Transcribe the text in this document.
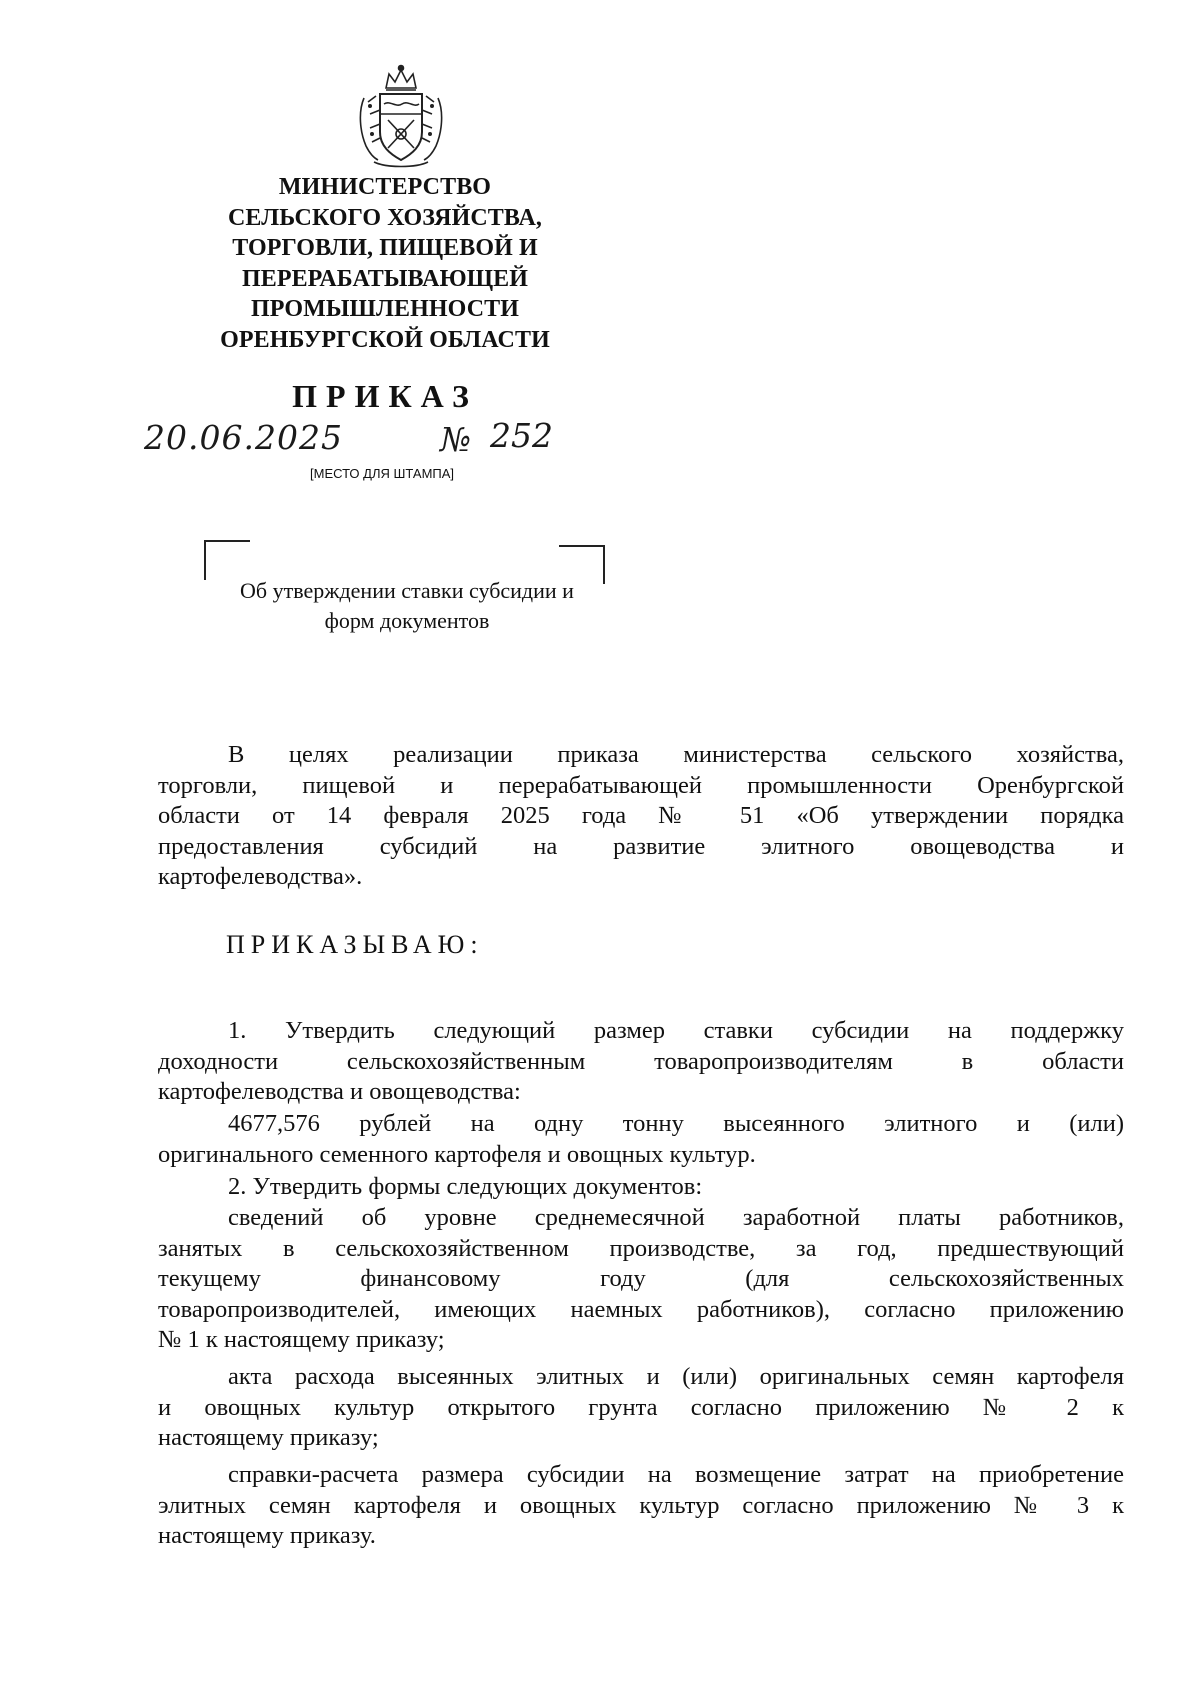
МИНИСТЕРСТВО
СЕЛЬСКОГО ХОЗЯЙСТВА,
ТОРГОВЛИ, ПИЩЕВОЙ И
ПЕРЕРАБАТЫВАЮЩЕЙ
ПРОМЫШЛЕННОСТИ
ОРЕНБУРГСКОЙ ОБЛАСТИ
ПРИКАЗ
20.06.2025	№ 252
[МЕСТО ДЛЯ ШТАМПА]
Об утверждении ставки субсидии и
форм документов
В целях реализации приказа министерства сельского хозяйства,
торговли, пищевой и перерабатывающей промышленности Оренбургской
области от 14 февраля 2025 года № 51 «Об утверждении порядка
предоставления субсидий на развитие элитного овощеводства и
картофелеводства».
ПРИКАЗЫВАЮ:
1. Утвердить следующий размер ставки субсидии на поддержку
доходности сельскохозяйственным товаропроизводителям в области
картофелеводства и овощеводства:
4677,576 рублей на одну тонну высеянного элитного и (или)
оригинального семенного картофеля и овощных культур.
2. Утвердить формы следующих документов:
сведений об уровне среднемесячной заработной платы работников,
занятых в сельскохозяйственном производстве, за год, предшествующий
текущему финансовому году (для сельскохозяйственных
товаропроизводителей, имеющих наемных работников), согласно приложению
№ 1 к настоящему приказу;
акта расхода высеянных элитных и (или) оригинальных семян картофеля
и овощных культур открытого грунта согласно приложению № 2 к
настоящему приказу;
справки-расчета размера субсидии на возмещение затрат на приобретение
элитных семян картофеля и овощных культур согласно приложению № 3 к
настоящему приказу.
